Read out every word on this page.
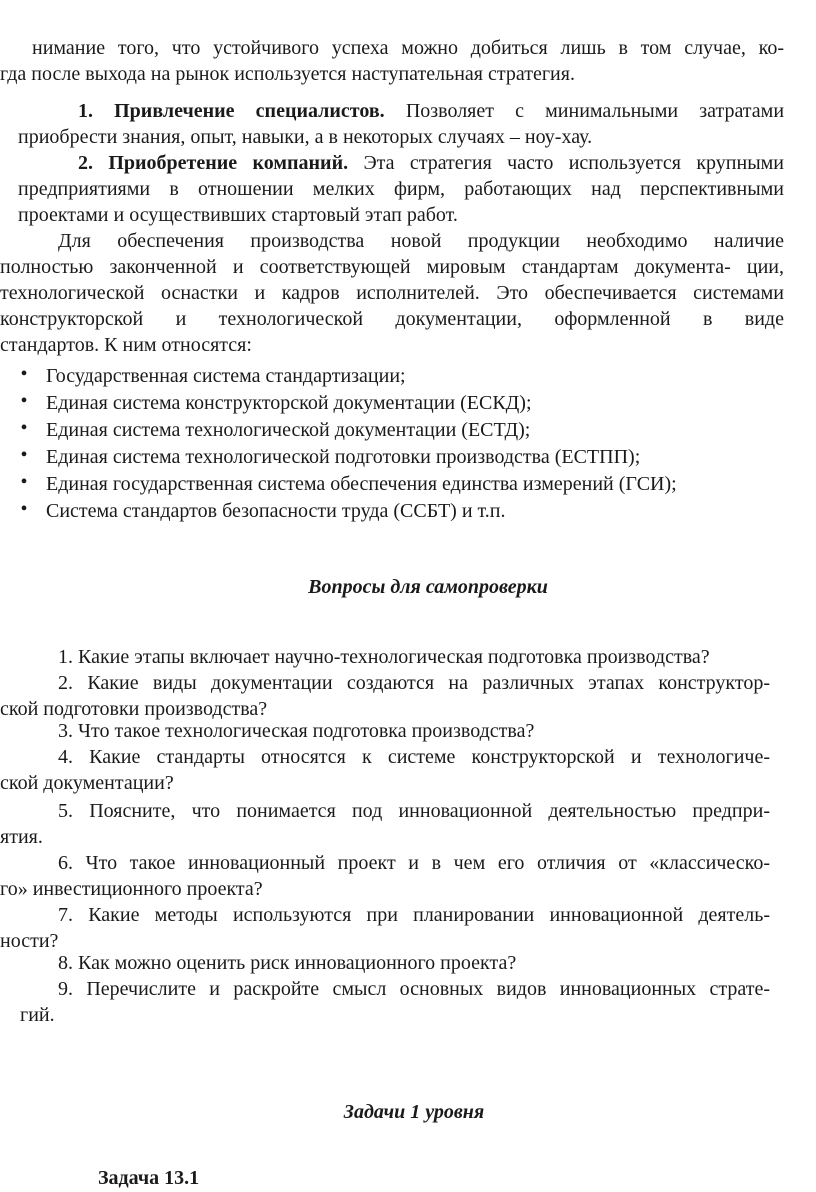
нимание того, что устойчивого успеха можно добиться лишь в том случае, ко-
гда после выхода на рынок используется наступательная стратегия.
1. Привлечение специалистов. Позволяет с минимальными затратами
приобрести знания, опыт, навыки, а в некоторых случаях – ноу-хау.
2. Приобретение компаний. Эта стратегия часто используется крупными
предприятиями в отношении мелких фирм, работающих над перспективными
проектами и осуществивших стартовый этап работ.
Для обеспечения производства новой продукции необходимо наличие
полностью законченной и соответствующей мировым стандартам документа- ции,
технологической оснастки и кадров исполнителей. Это обеспечивается системами
конструкторской и технологической документации, оформленной в виде
стандартов. К ним относятся:
• Государственная система стандартизации;
• Единая система конструкторской документации (ЕСКД);
• Единая система технологической документации (ЕСТД);
• Единая система технологической подготовки производства (ЕСТПП);
• Единая государственная система обеспечения единства измерений (ГСИ);
• Система стандартов безопасности труда (ССБТ) и т.п.
Вопросы для самопроверки
1. Какие этапы включает научно-технологическая подготовка производства?
2. Какие виды документации создаются на различных этапах конструктор-
ской подготовки производства?
3. Что такое технологическая подготовка производства?
4. Какие стандарты относятся к системе конструкторской и технологиче-
ской документации?
5. Поясните, что понимается под инновационной деятельностью предпри-
ятия.
6. Что такое инновационный проект и в чем его отличия от «классическо-
го» инвестиционного проекта?
7. Какие методы используются при планировании инновационной деятель-
ности?
8. Как можно оценить риск инновационного проекта?
9. Перечислите и раскройте смысл основных видов инновационных страте-
гий.
Задачи 1 уровня
Задача 13.1
